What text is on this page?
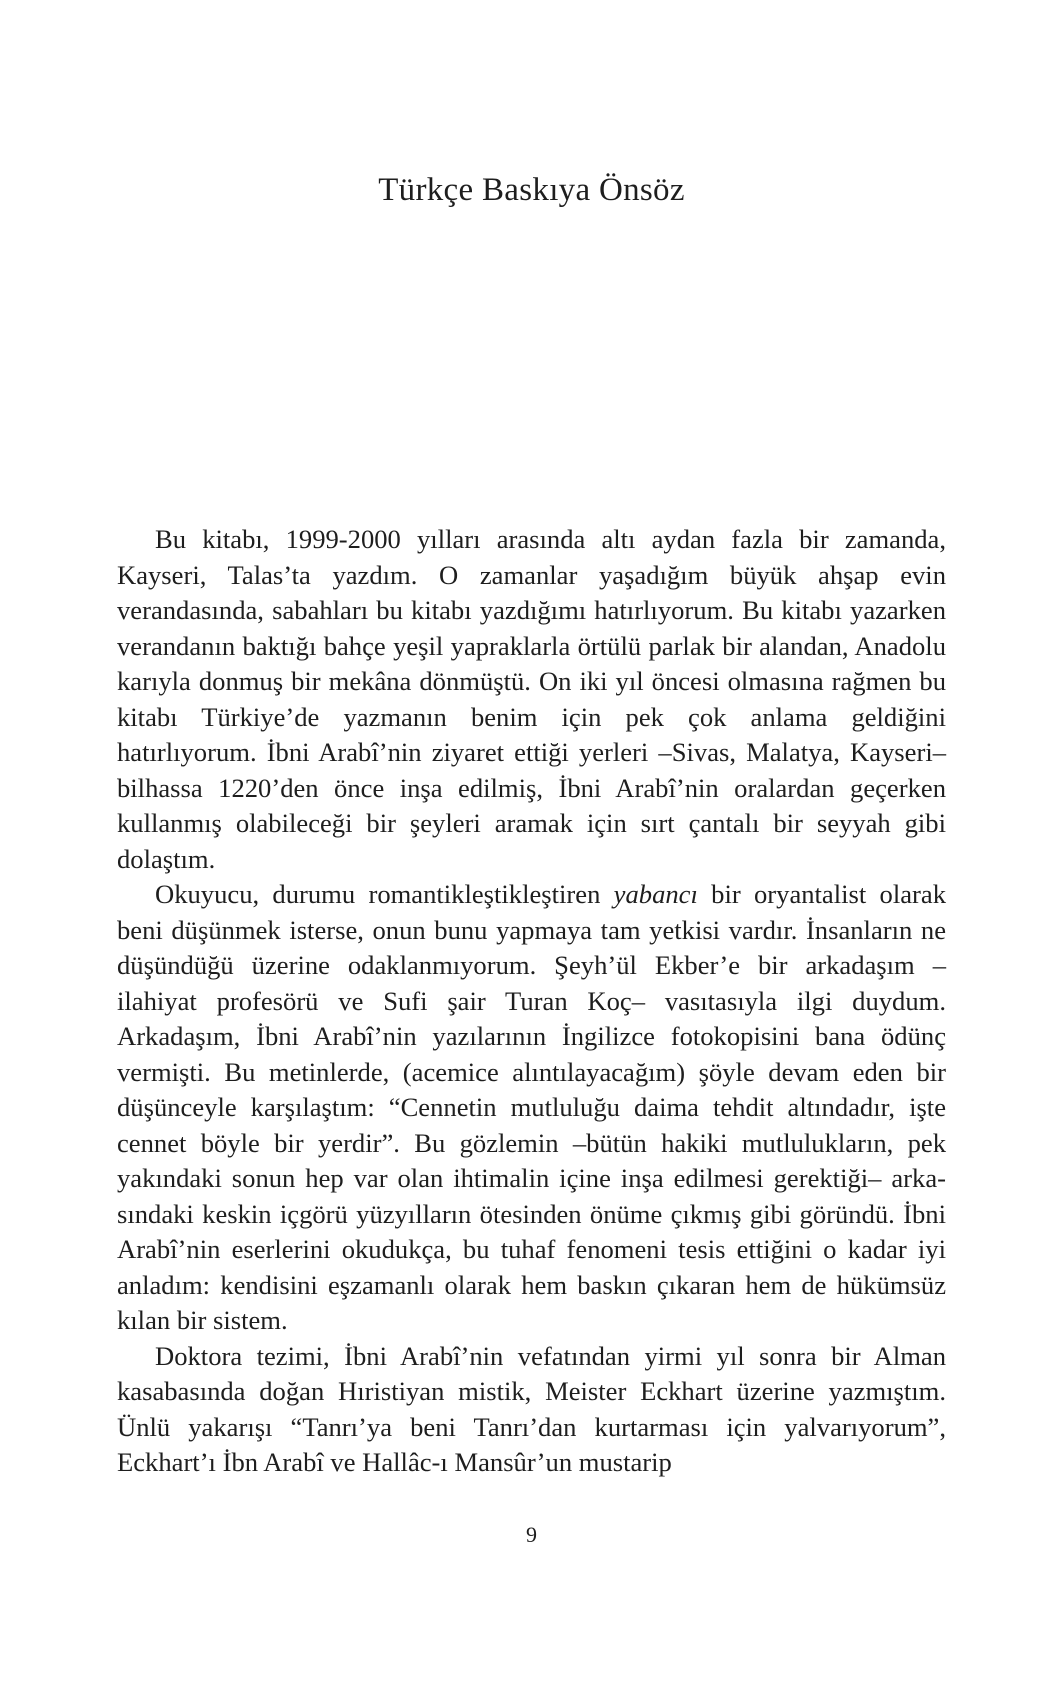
Türkçe Baskıya Önsöz

Bu kitabı, 1999-2000 yılları arasında altı aydan fazla bir zamanda, Kayseri, Talas’ta yazdım. O zamanlar yaşadığım büyük ahşap evin verandasında, sabahları bu kitabı yazdığımı hatırlıyorum. Bu kitabı yazarken verandanın baktığı bahçe yeşil yapraklarla örtülü parlak bir alandan, Anadolu karıyla donmuş bir mekâna dönmüştü. On iki yıl öncesi olmasına rağmen bu kitabı Türkiye’de yazmanın benim için pek çok anlama geldiğini hatırlıyorum. İbni Arabî’nin ziyaret ettiği yerleri –Sivas, Malatya, Kayseri– bilhassa 1220’den önce inşa edilmiş, İbni Arabî’nin oralardan geçerken kullanmış olabileceği bir şeyleri aramak için sırt çantalı bir seyyah gibi dolaştım.

Okuyucu, durumu romantikleştikleştiren yabancı bir oryantalist olarak beni düşünmek isterse, onun bunu yapmaya tam yetkisi vardır. İnsanların ne düşündüğü üzerine odaklanmıyorum. Şeyh’ül Ekber’e bir arkadaşım –ilahiyat profesörü ve Sufi şair Turan Koç– vasıtasıyla ilgi duydum. Arkadaşım, İbni Arabî’nin yazılarının İngilizce fotokopisini bana ödünç vermişti. Bu metinlerde, (acemice alıntılayacağım) şöyle devam eden bir düşünceyle karşılaştım: “Cennetin mutluluğu daima tehdit altındadır, işte cennet böyle bir yerdir”. Bu gözlemin –bütün hakiki mutlulukların, pek yakındaki sonun hep var olan ihtimalin içine inşa edilmesi gerektiği– arkasındaki keskin içgörü yüzyılların ötesinden önüme çıkmış gibi göründü. İbni Arabî’nin eserlerini okudukça, bu tuhaf fenomeni tesis ettiğini o kadar iyi anladım: kendisini eşzamanlı olarak hem baskın çıkaran hem de hükümsüz kılan bir sistem.

Doktora tezimi, İbni Arabî’nin vefatından yirmi yıl sonra bir Alman kasabasında doğan Hıristiyan mistik, Meister Eckhart üzerine yazmıştım. Ünlü yakarışı “Tanrı’ya beni Tanrı’dan kurtarması için yalvarıyorum”, Eckhart’ı İbn Arabî ve Hallâc-ı Mansûr’un mustarip

9
